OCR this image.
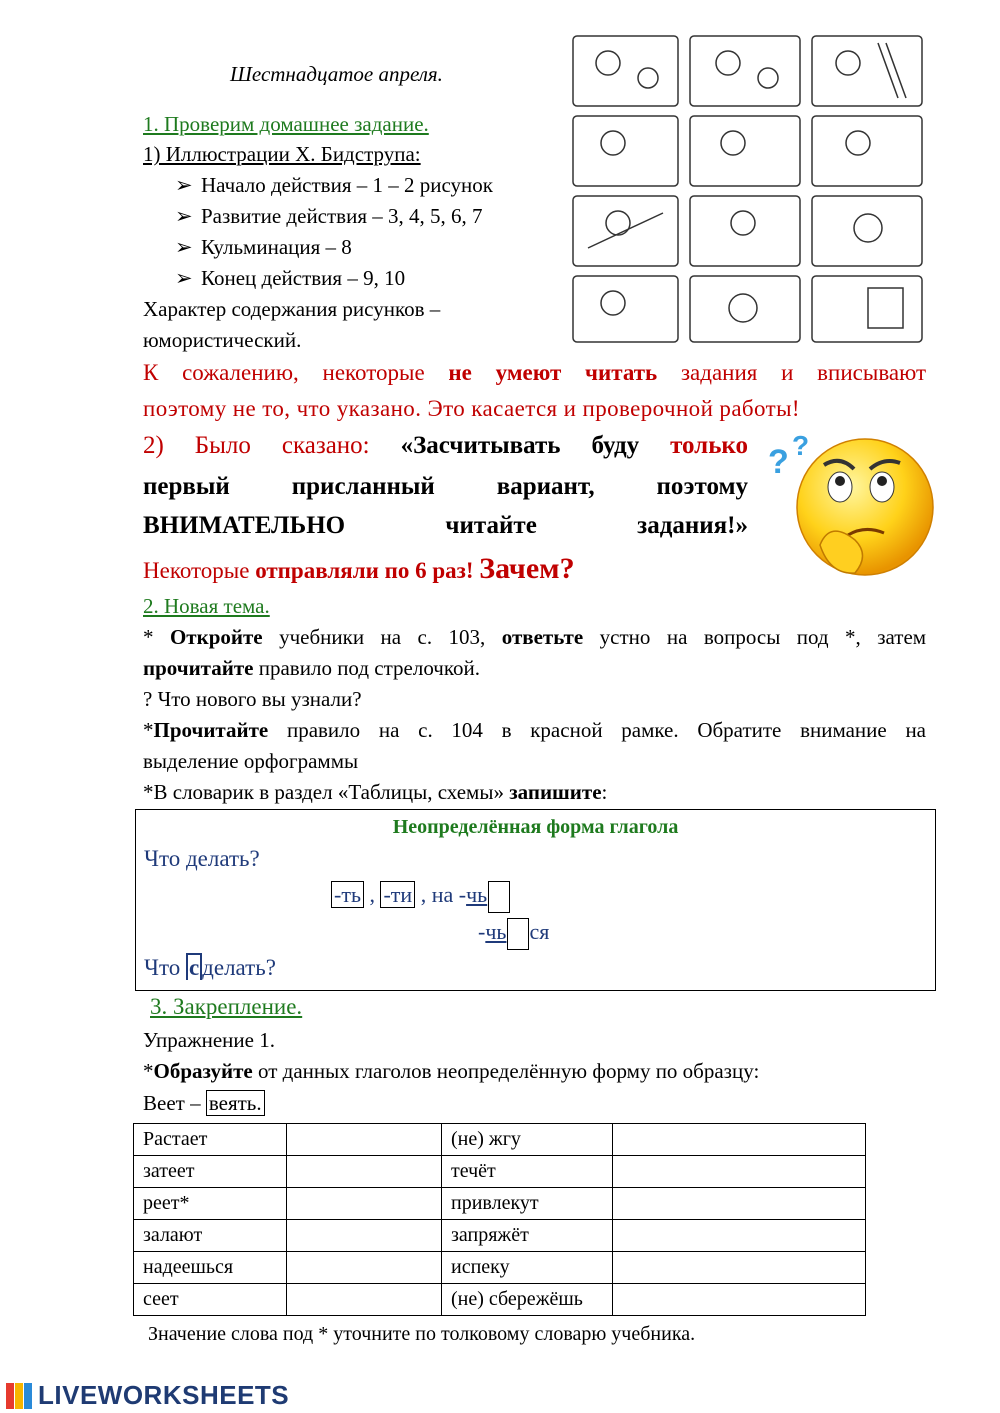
Шестнадцатое апреля.
1. Проверим домашнее задание.
1) Иллюстрации Х. Бидструпа:
➢ Начало действия – 1 – 2 рисунок
➢ Развитие действия – 3, 4, 5, 6, 7
➢ Кульминация – 8
➢ Конец действия – 9, 10
Характер содержания рисунков –
юмористический.
К сожалению, некоторые не умеют читать задания и вписывают
поэтому не то, что указано. Это касается и проверочной работы!
2) Было сказано: «Засчитывать буду только
первый присланный вариант, поэтому
ВНИМАТЕЛЬНО читайте задания!»
? ?
Некоторые отправляли по 6 раз! Зачем?
2. Новая тема.
* Откройте учебники на с. 103, ответьте устно на вопросы под *, затем
прочитайте правило под стрелочкой.
? Что нового вы узнали?
*Прочитайте правило на с. 104 в красной рамке. Обратите внимание на
выделение орфограммы
*В словарик в раздел «Таблицы, схемы» запишите:
Неопределённая форма глагола
Что делать?
-ть , -ти , на -чь
-чь ся
Что с делать?
3. Закрепление.
Упражнение 1.
*Образуйте от данных глаголов неопределённую форму по образцу:
Веет – веять.
Растает		(не) жгу	
затеет		течёт	
реет*		привлекут	
залают		запряжёт	
надеешься		испеку	
сеет		(не) сбережёшь	
Значение слова под * уточните по толковому словарю учебника.
LIVEWORKSHEETS
